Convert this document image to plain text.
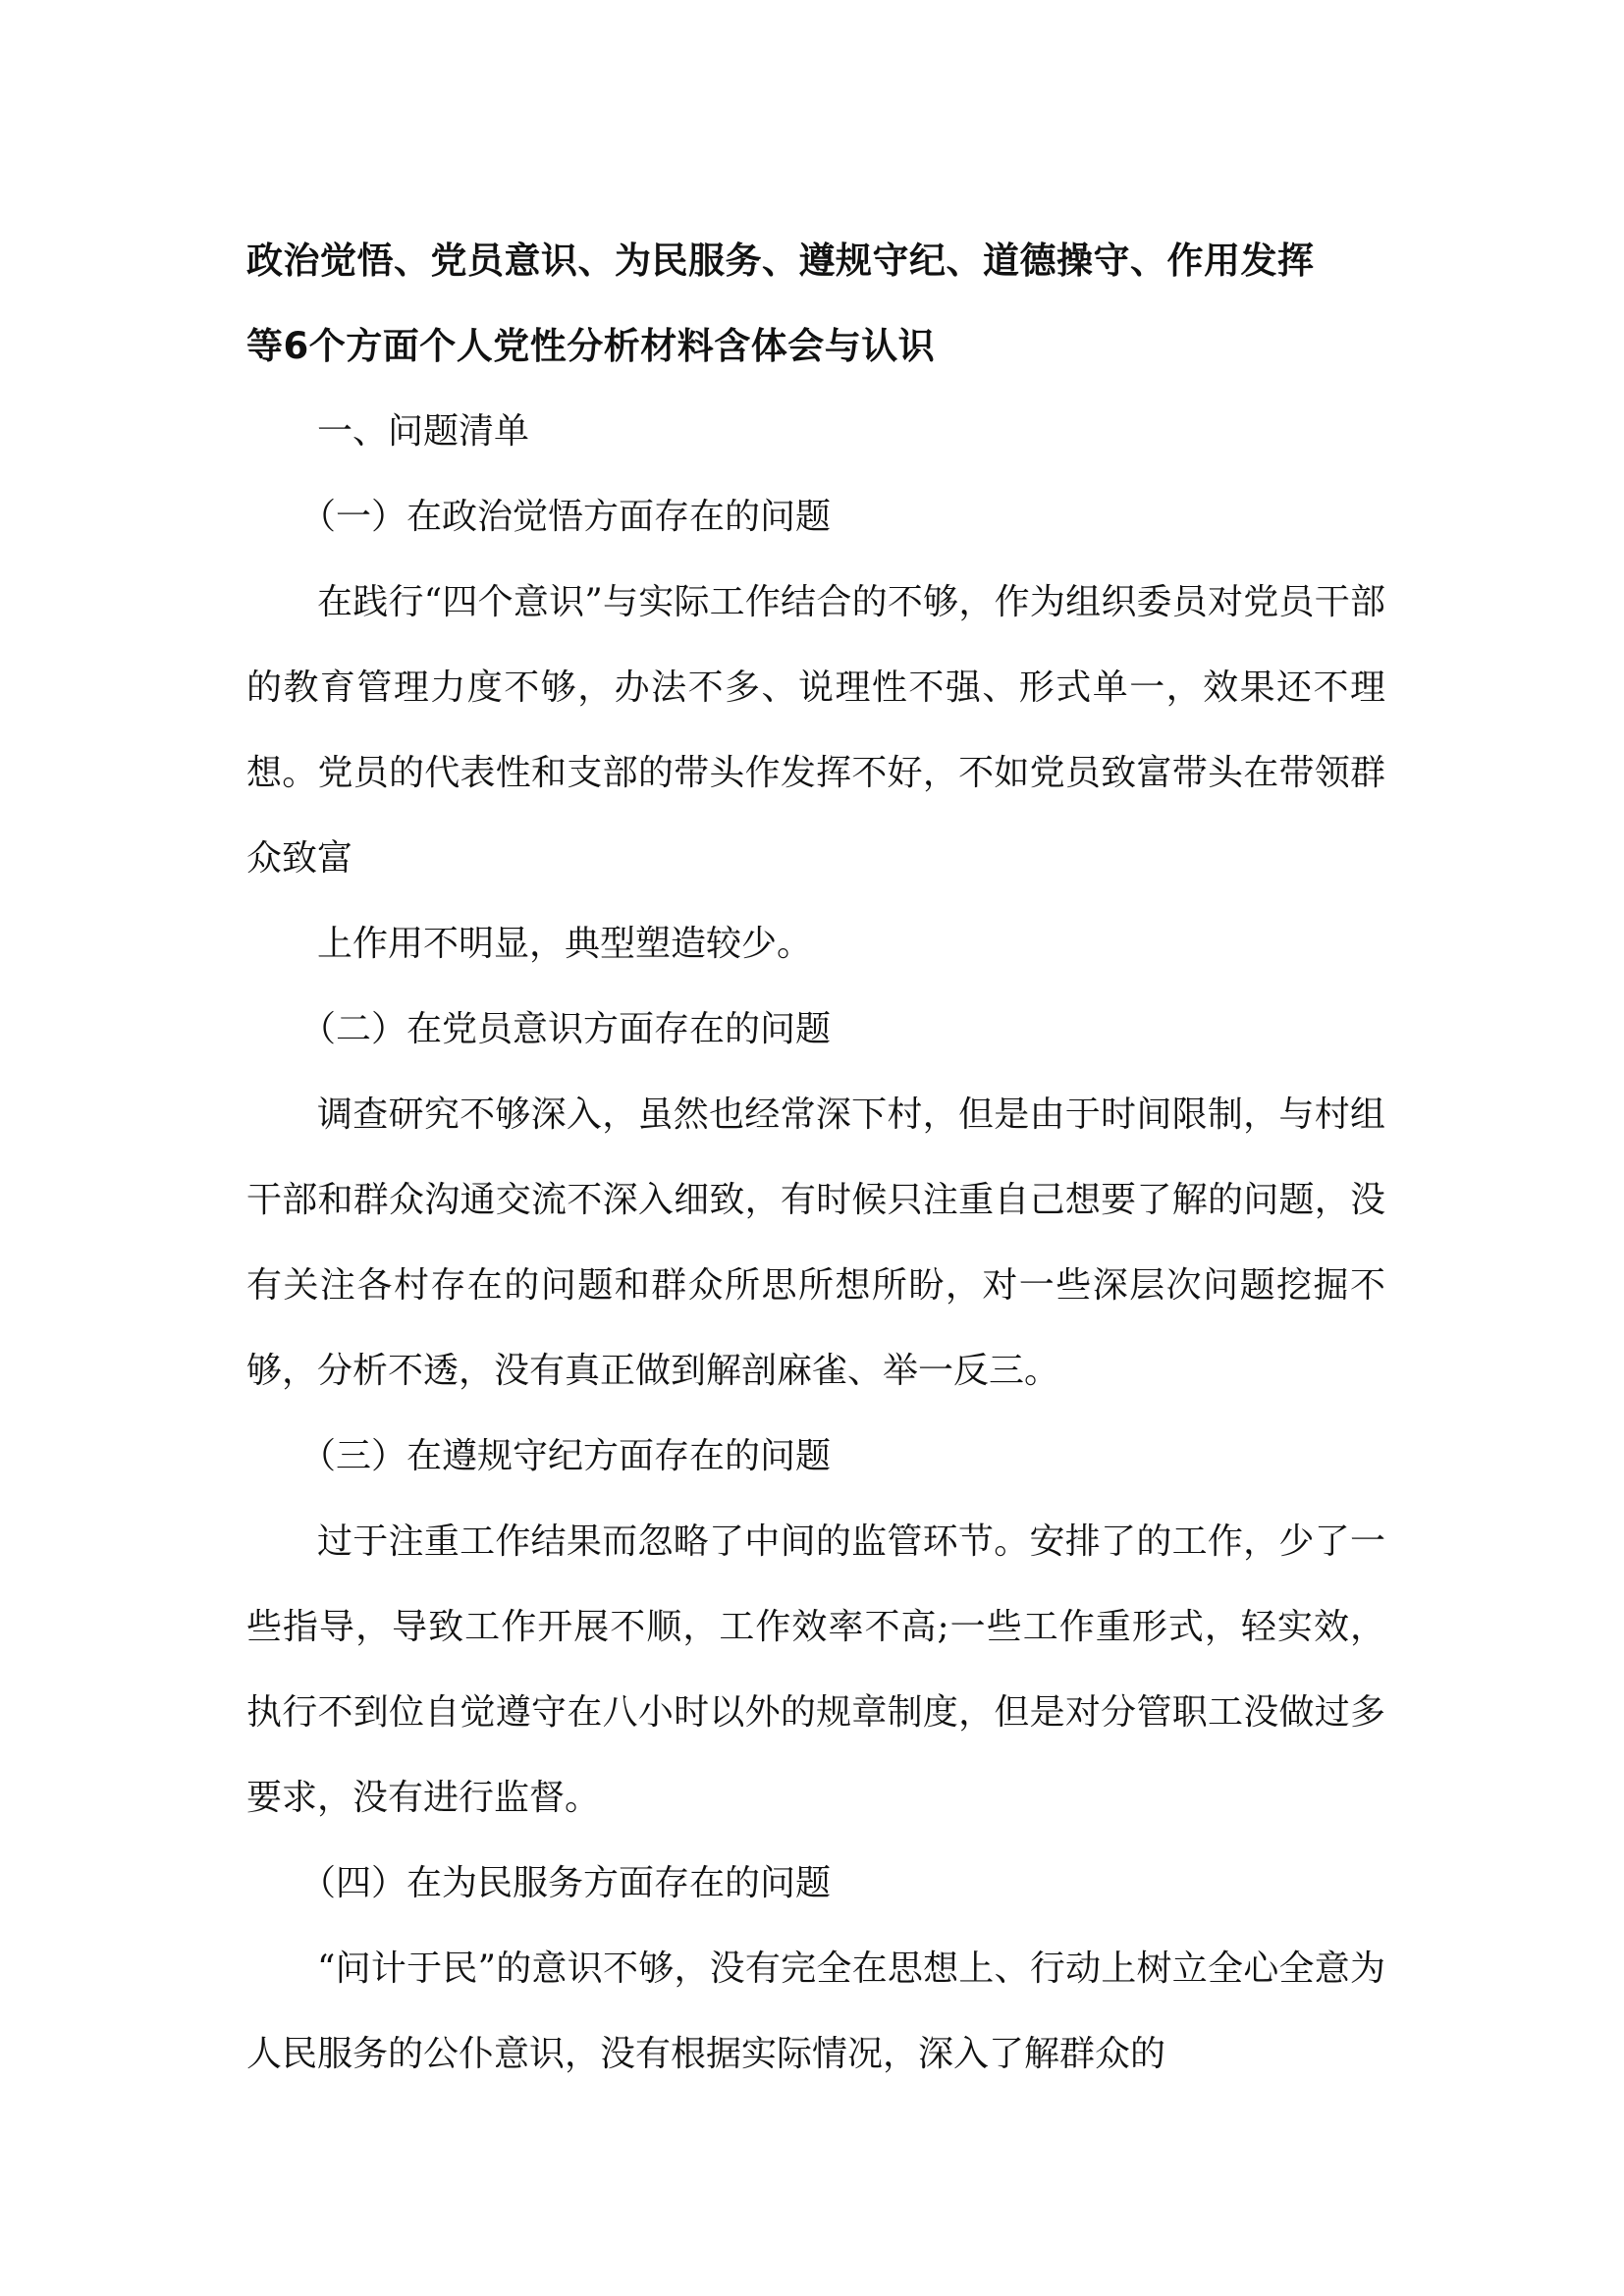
政治觉悟、党员意识、为民服务、遵规守纪、道德操守、作用发挥
等6个方面个人党性分析材料含体会与认识

一、问题清单

（一）在政治觉悟方面存在的问题

在践行“四个意识”与实际工作结合的不够，作为组织委员对党员干部的教育管理力度不够，办法不多、说理性不强、形式单一，效果还不理想。党员的代表性和支部的带头作发挥不好，不如党员致富带头在带领群众致富

上作用不明显，典型塑造较少。

（二）在党员意识方面存在的问题

调查研究不够深入，虽然也经常深下村，但是由于时间限制，与村组干部和群众沟通交流不深入细致，有时候只注重自己想要了解的问题，没有关注各村存在的问题和群众所思所想所盼，对一些深层次问题挖掘不够，分析不透，没有真正做到解剖麻雀、举一反三。

（三）在遵规守纪方面存在的问题

过于注重工作结果而忽略了中间的监管环节。安排了的工作，少了一些指导，导致工作开展不顺，工作效率不高;一些工作重形式，轻实效，执行不到位自觉遵守在八小时以外的规章制度，但是对分管职工没做过多要求，没有进行监督。

（四）在为民服务方面存在的问题

“问计于民”的意识不够，没有完全在思想上、行动上树立全心全意为人民服务的公仆意识，没有根据实际情况，深入了解群众的
